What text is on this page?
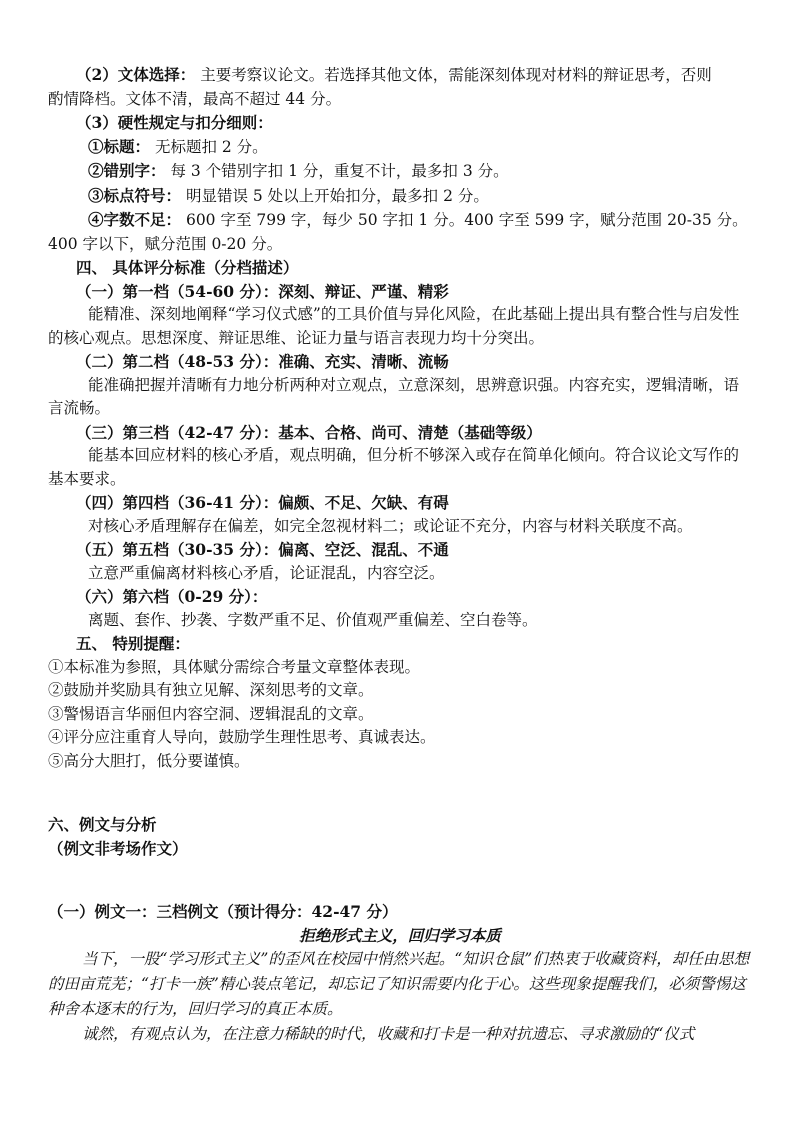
（2）文体选择： 主要考察议论文。若选择其他文体，需能深刻体现对材料的辩证思考，否则

酌情降档。文体不清，最高不超过 44 分。

（3）硬性规定与扣分细则：

①标题： 无标题扣 2 分。

②错别字： 每 3 个错别字扣 1 分，重复不计，最多扣 3 分。

③标点符号： 明显错误 5 处以上开始扣分，最多扣 2 分。

④字数不足： 600 字至 799 字，每少 50 字扣 1 分。400 字至 599 字，赋分范围 20-35 分。

400 字以下，赋分范围 0-20 分。

四、 具体评分标准（分档描述）

（一）第一档（54-60 分）：深刻、辩证、严谨、精彩

能精准、深刻地阐释“学习仪式感”的工具价值与异化风险，在此基础上提出具有整合性与启发性的核心观点。思想深度、辩证思维、论证力量与语言表现力均十分突出。

（二）第二档（48-53 分）：准确、充实、清晰、流畅

能准确把握并清晰有力地分析两种对立观点，立意深刻，思辨意识强。内容充实，逻辑清晰，语言流畅。

（三）第三档（42-47 分）：基本、合格、尚可、清楚（基础等级）

能基本回应材料的核心矛盾，观点明确，但分析不够深入或存在简单化倾向。符合议论文写作的基本要求。

（四）第四档（36-41 分）：偏颇、不足、欠缺、有碍

对核心矛盾理解存在偏差，如完全忽视材料二；或论证不充分，内容与材料关联度不高。

（五）第五档（30-35 分）：偏离、空泛、混乱、不通

立意严重偏离材料核心矛盾，论证混乱，内容空泛。

（六）第六档（0-29 分）：

离题、套作、抄袭、字数严重不足、价值观严重偏差、空白卷等。

五、 特别提醒：

①本标准为参照，具体赋分需综合考量文章整体表现。

②鼓励并奖励具有独立见解、深刻思考的文章。

③警惕语言华丽但内容空洞、逻辑混乱的文章。

④评分应注重育人导向，鼓励学生理性思考、真诚表达。

⑤高分大胆打，低分要谨慎。

六、例文与分析

（例文非考场作文）

（一）例文一：三档例文（预计得分：42-47 分）

拒绝形式主义，回归学习本质

当下，一股“学习形式主义”的歪风在校园中悄然兴起。“知识仓鼠”们热衷于收藏资料，却任由思想的田亩荒芜；“打卡一族”精心装点笔记，却忘记了知识需要内化于心。这些现象提醒我们，必须警惕这种舍本逐末的行为，回归学习的真正本质。

诚然，有观点认为，在注意力稀缺的时代，收藏和打卡是一种对抗遗忘、寻求激励的“仪式
